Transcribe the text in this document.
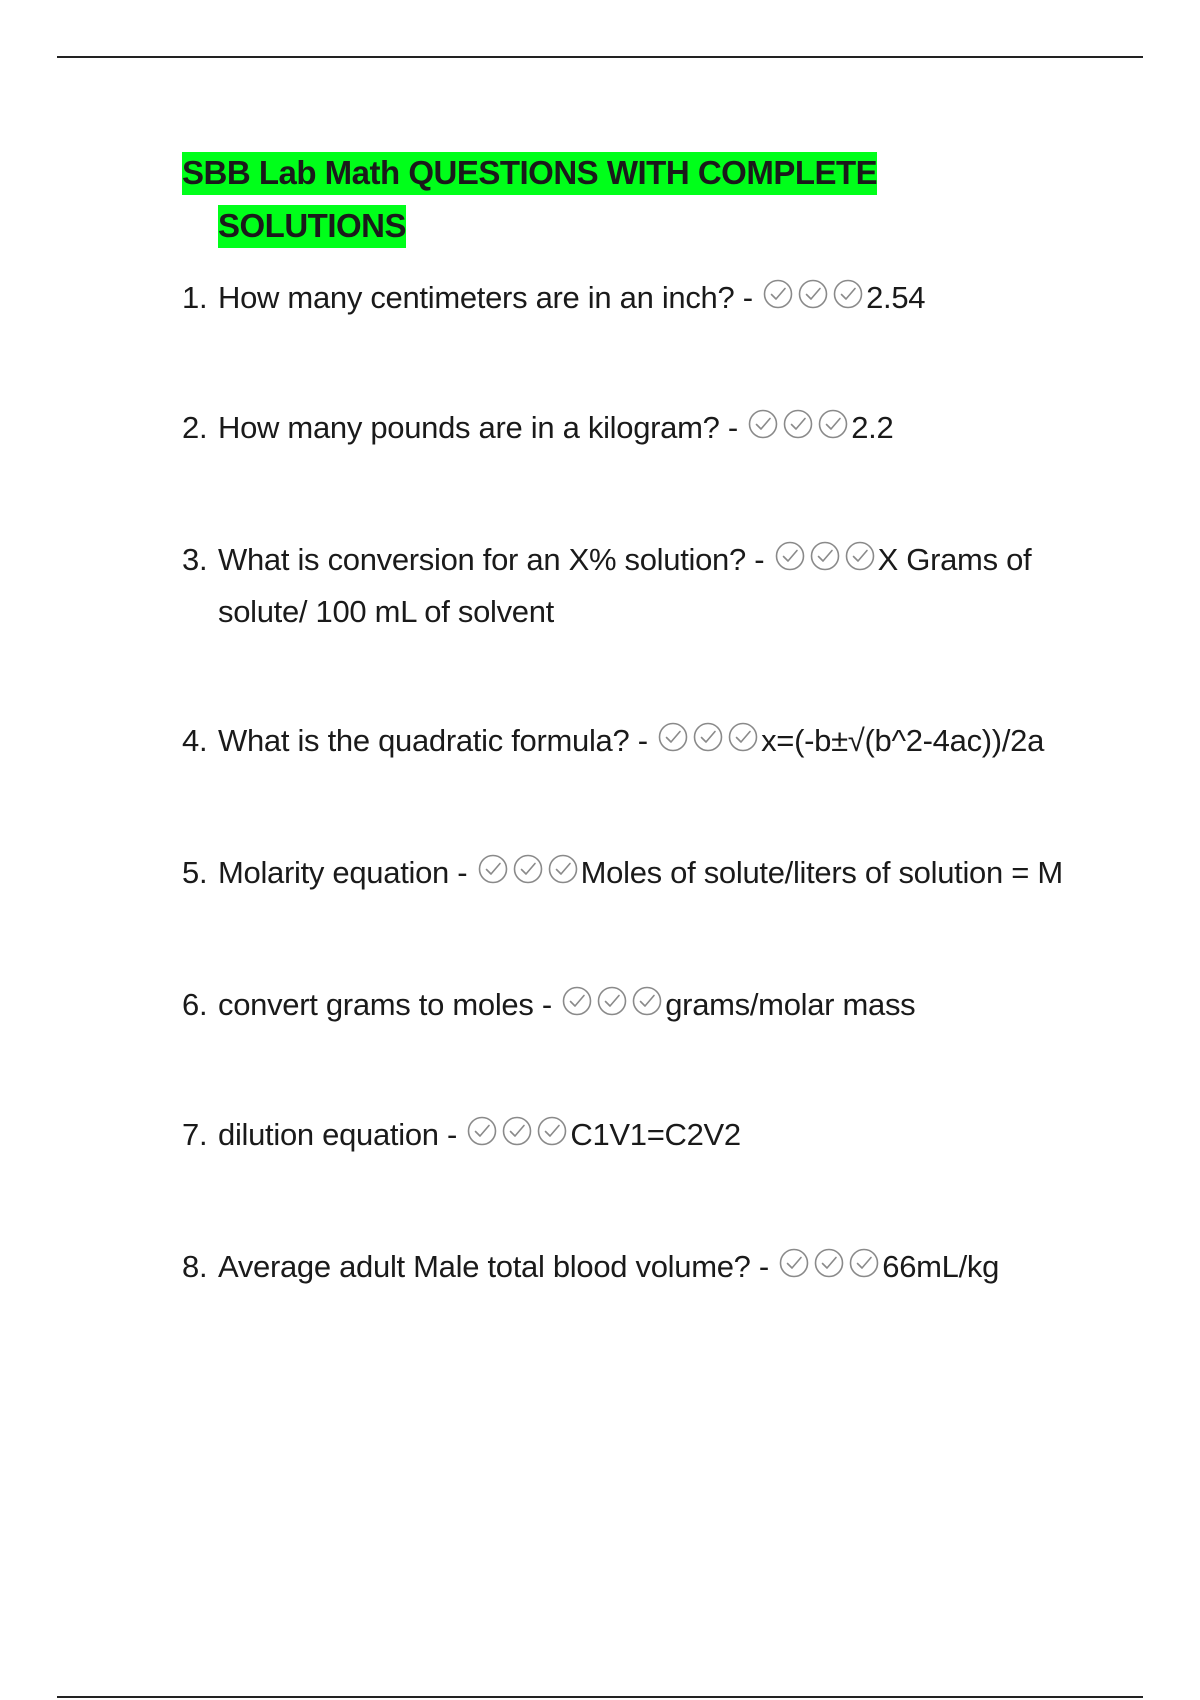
SBB Lab Math QUESTIONS WITH COMPLETE
SOLUTIONS
1. How many centimeters are in an inch? -	2.54
2. How many pounds are in a kilogram? -	2.2
3. What is conversion for an X% solution? -	X Grams of solute/ 100 mL of solvent
4. What is the quadratic formula? -	x=(-b±√(b^2-4ac))/2a
5. Molarity equation -	Moles of solute/liters of solution = M
6. convert grams to moles -	grams/molar mass
7. dilution equation -	C1V1=C2V2
8. Average adult Male total blood volume? -	66mL/kg
